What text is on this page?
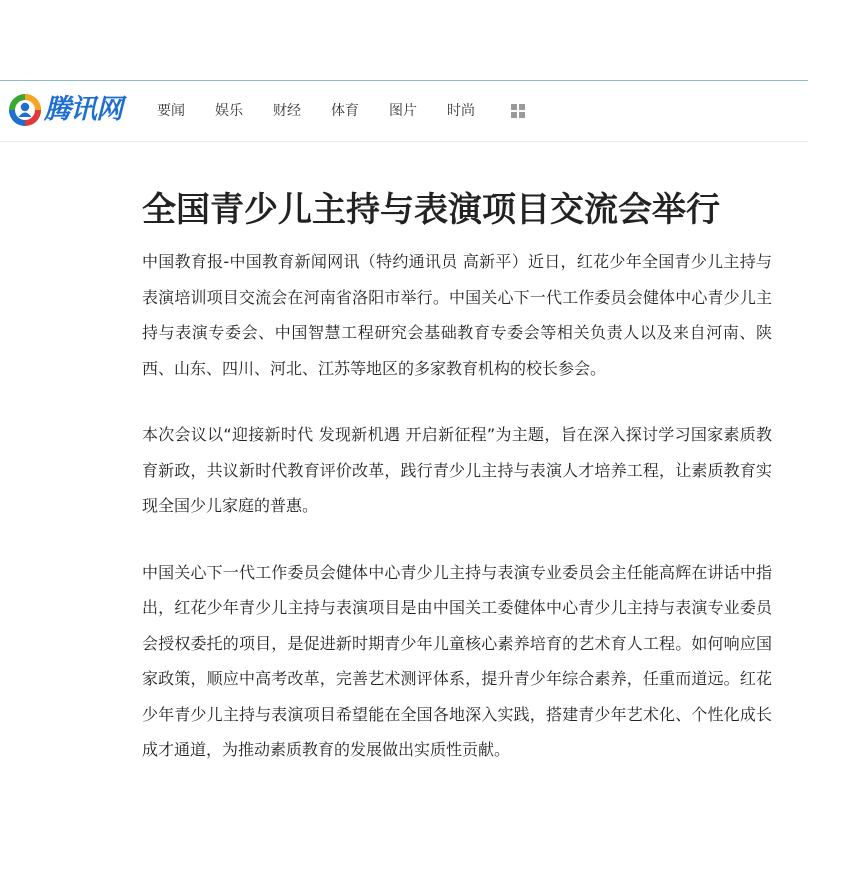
腾讯网	要闻 娱乐 财经 体育 图片 时尚
全国青少儿主持与表演项目交流会举行

中国教育报-中国教育新闻网讯（特约通讯员 高新平）近日，红花少年全国青少儿主持与表演培训项目交流会在河南省洛阳市举行。中国关心下一代工作委员会健体中心青少儿主持与表演专委会、中国智慧工程研究会基础教育专委会等相关负责人以及来自河南、陕西、山东、四川、河北、江苏等地区的多家教育机构的校长参会。

本次会议以“迎接新时代 发现新机遇 开启新征程”为主题，旨在深入探讨学习国家素质教育新政，共议新时代教育评价改革，践行青少儿主持与表演人才培养工程，让素质教育实现全国少儿家庭的普惠。

中国关心下一代工作委员会健体中心青少儿主持与表演专业委员会主任能高辉在讲话中指出，红花少年青少儿主持与表演项目是由中国关工委健体中心青少儿主持与表演专业委员会授权委托的项目，是促进新时期青少年儿童核心素养培育的艺术育人工程。如何响应国家政策，顺应中高考改革，完善艺术测评体系，提升青少年综合素养，任重而道远。红花少年青少儿主持与表演项目希望能在全国各地深入实践，搭建青少年艺术化、个性化成长成才通道，为推动素质教育的发展做出实质性贡献。
